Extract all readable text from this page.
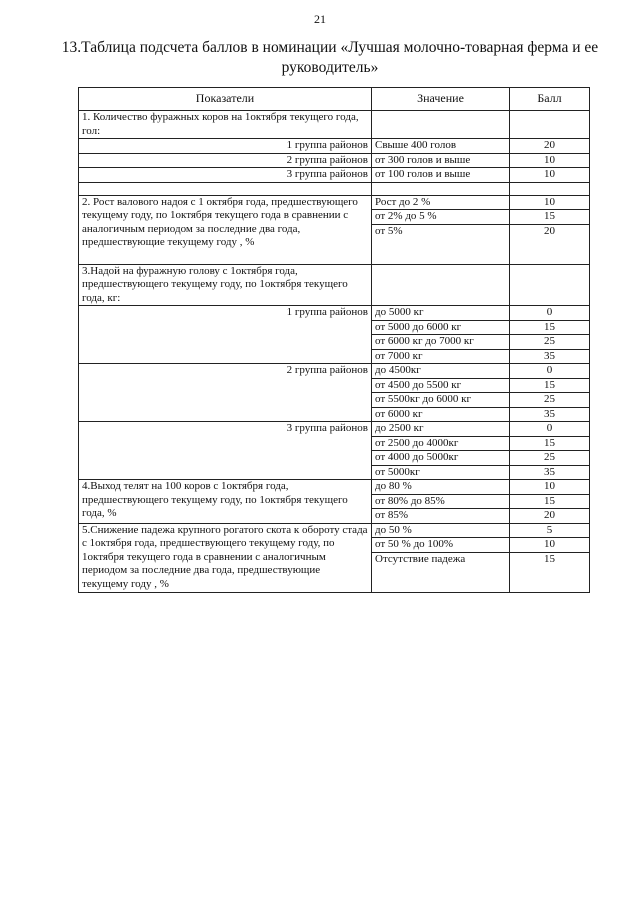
21
13.Таблица подсчета баллов в номинации «Лучшая молочно-товарная ферма и ее
руководитель»
Показатели	Значение	Балл
1. Количество фуражных коров на 1октября текущего года, гол:		
1 группа районов	Свыше 400 голов	20
2 группа районов	от 300 голов и выше	10
3 группа районов	от 100 голов и выше	10

2. Рост валового надоя с 1 октября года, предшествующего текущему году, по 1октября текущего года в сравнении с аналогичным периодом за последние два года, предшествующие текущему году , %	Рост до 2 %	10
	от 2% до 5 %	15
	от 5%	20
3.Надой на фуражную голову с 1октября года, предшествующего текущему году, по 1октября текущего года, кг:		
1 группа районов	до 5000 кг	0
	от 5000 до 6000 кг	15
	от 6000 кг до 7000 кг	25
	от 7000 кг	35
2 группа районов	до 4500кг	0
	от 4500 до 5500 кг	15
	от 5500кг до 6000 кг	25
	от 6000 кг	35
3 группа районов	до 2500 кг	0
	от 2500 до 4000кг	15
	от 4000 до 5000кг	25
	от 5000кг	35
4.Выход телят на 100 коров с 1октября года, предшествующего текущему году, по 1октября текущего года, %	до 80 %	10
	от 80% до 85%	15
	от 85%	20
5.Снижение падежа крупного рогатого скота к обороту стада с 1октября года, предшествующего текущему году, по 1октября текущего года в сравнении с аналогичным периодом за последние два года, предшествующие текущему году , %	до 50 %	5
	от 50 % до 100%	10
	Отсутствие падежа	15
